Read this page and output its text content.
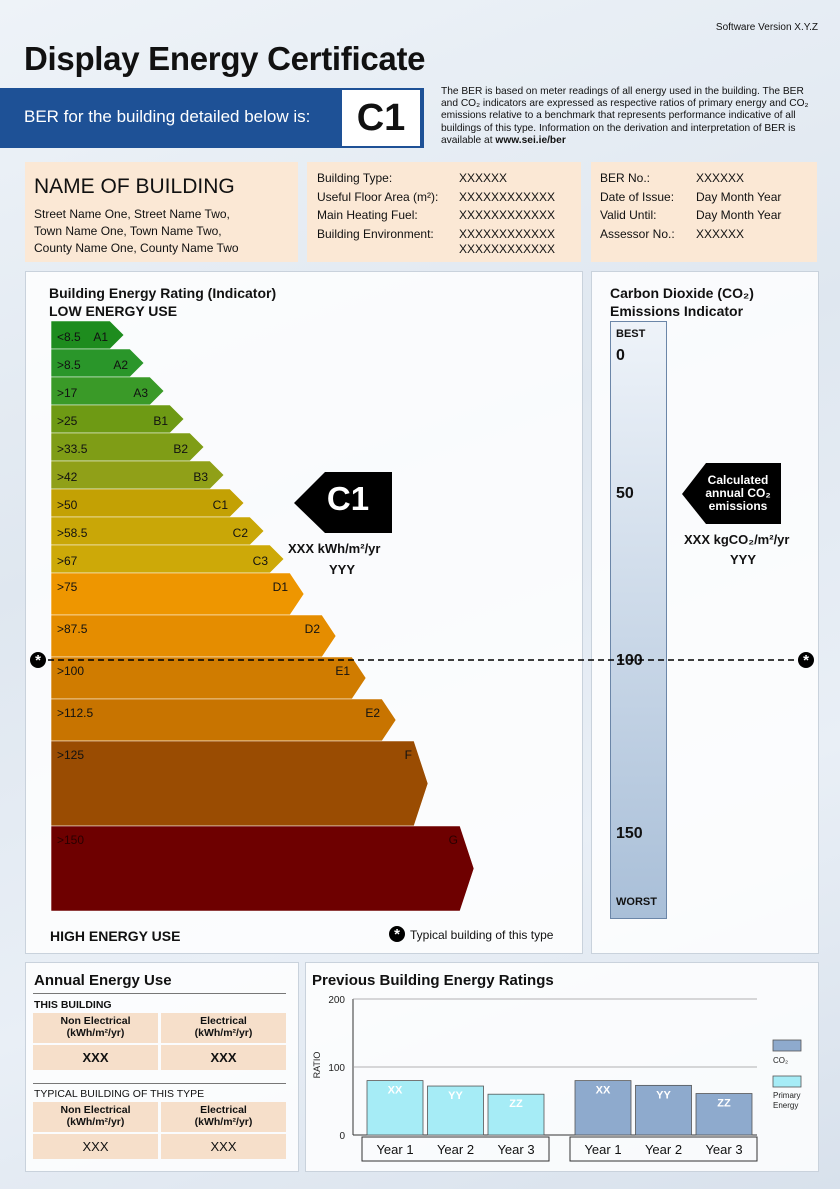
Software Version X.Y.Z
Display Energy Certificate
BER for the building detailed below is:	C1
The BER is based on meter readings of all energy used in the building. The BER and CO₂ indicators are expressed as respective ratios of primary energy and CO₂ emissions relative to a benchmark that represents performance indicative of all buildings of this type. Information on the derivation and interpretation of BER is available at www.sei.ie/ber
NAME OF BUILDING
Street Name One, Street Name Two,
Town Name One, Town Name Two,
County Name One, County Name Two
Building Type:	XXXXXX
Useful Floor Area (m²): XXXXXXXXXXXX
Main Heating Fuel:	XXXXXXXXXXXX
Building Environment: XXXXXXXXXXXX
XXXXXXXXXXXX
BER No.:	XXXXXX
Date of Issue: Day Month Year
Valid Until:	Day Month Year
Assessor No.: XXXXXX
Building Energy Rating (Indicator)
LOW ENERGY USE
HIGH ENERGY USE
<8.5 A1
>8.5	A2
>17	A3
>25	B1
>33.5	B2
>42	B3
>50	C1
>58.5	C2
>67	C3
>75	D1
>87.5	D2
>100	E1
>112.5	E2
>125	F
>150	G
C1
XXX kWh/m²/yr
YYY
Carbon Dioxide (CO₂)
Emissions Indicator
BEST
WORST
0
50
100
150
Calculated annual CO₂ emissions
XXX kgCO₂/m²/yr
YYY
*	*
* Typical building of this type
Annual Energy Use
THIS BUILDING
Non Electrical
(kWh/m²/yr)
Electrical
(kWh/m²/yr)
XXX	XXX
TYPICAL BUILDING OF THIS TYPE
Non Electrical
(kWh/m²/yr)
Electrical
(kWh/m²/yr)
XXX	XXX
Previous Building Energy Ratings
0
100
200
RATIO
XX
Year 1
YY
Year 2
ZZ
Year 3
XX
Year 1
YY
Year 2
ZZ
Year 3
CO₂
Primary
Energy
